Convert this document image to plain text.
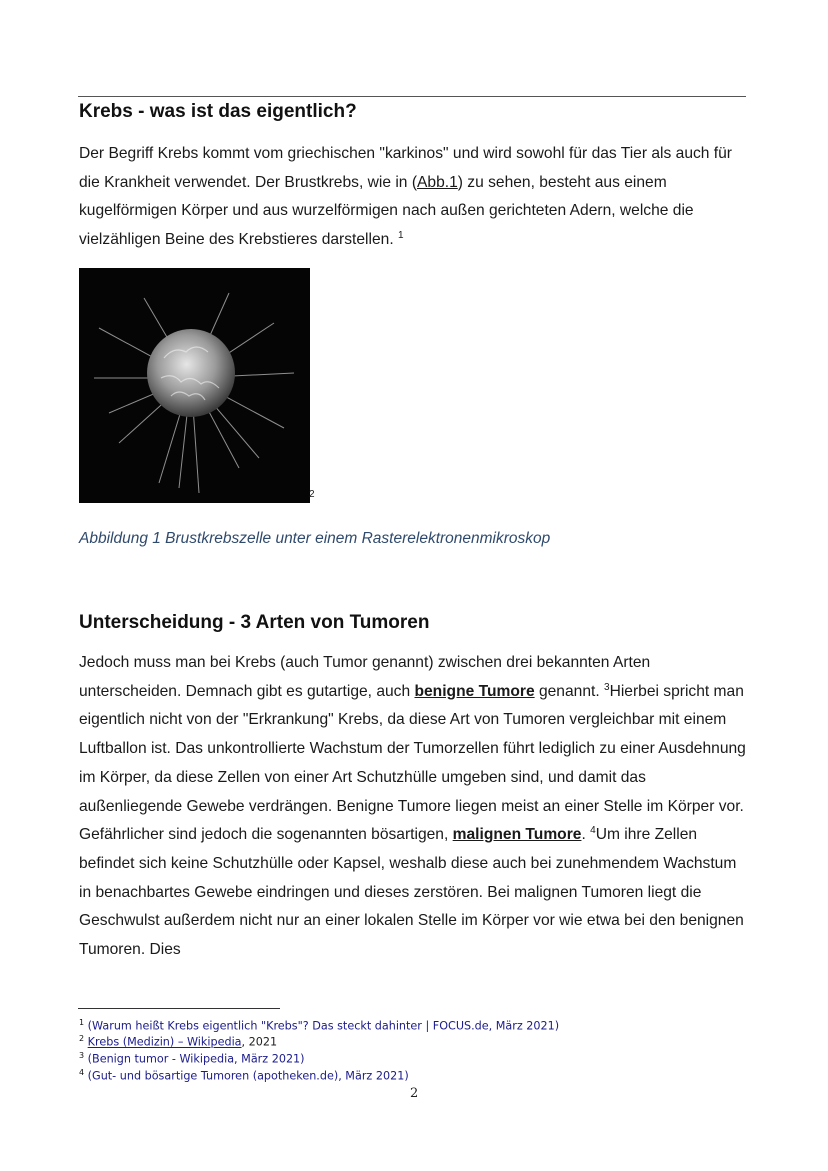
Krebs - was ist das eigentlich?

Der Begriff Krebs kommt vom griechischen "karkinos" und wird sowohl für das Tier als auch für die Krankheit verwendet. Der Brustkrebs, wie in (Abb.1) zu sehen, besteht aus einem kugelförmigen Körper und aus wurzelförmigen nach außen gerichteten Adern, welche die vielzähligen Beine des Krebstieres darstellen. $^1$

2
Abbildung 1 Brustkrebszelle unter einem Rasterelektronenmikroskop
Unterscheidung - 3 Arten von Tumoren

Jedoch muss man bei Krebs (auch Tumor genannt) zwischen drei bekannten Arten unterscheiden. Demnach gibt es gutartige, auch benigne Tumore genannt. $^3$Hierbei spricht man eigentlich nicht von der "Erkrankung" Krebs, da diese Art von Tumoren vergleichbar mit einem Luftballon ist. Das unkontrollierte Wachstum der Tumorzellen führt lediglich zu einer Ausdehnung im Körper, da diese Zellen von einer Art Schutzhülle umgeben sind, und damit das außenliegende Gewebe verdrängen. Benigne Tumore liegen meist an einer Stelle im Körper vor. Gefährlicher sind jedoch die sogenannten bösartigen, malignen Tumore. $^4$Um ihre Zellen befindet sich keine Schutzhülle oder Kapsel, weshalb diese auch bei zunehmendem Wachstum in benachbartes Gewebe eindringen und dieses zerstören. Bei malignen Tumoren liegt die Geschwulst außerdem nicht nur an einer lokalen Stelle im Körper vor wie etwa bei den benignen Tumoren. Dies

$^1$ (Warum heißt Krebs eigentlich "Krebs"? Das steckt dahinter | FOCUS.de, März 2021)
$^2$ Krebs (Medizin) – Wikipedia, 2021
$^3$ (Benign tumor - Wikipedia, März 2021)
$^4$ (Gut- und bösartige Tumoren (apotheken.de), März 2021)
2
